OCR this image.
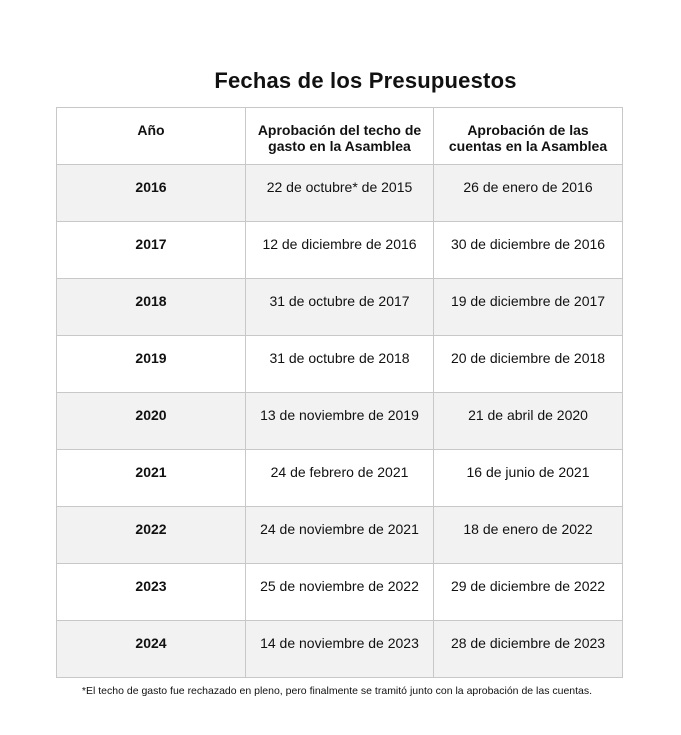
Fechas de los Presupuestos
Año	Aprobación del techo de gasto en la Asamblea	Aprobación de las cuentas en la Asamblea

2016	22 de octubre* de 2015	26 de enero de 2016
2017	12 de diciembre de 2016	30 de diciembre de 2016
2018	31 de octubre de 2017	19 de diciembre de 2017
2019	31 de octubre de 2018	20 de diciembre de 2018
2020	13 de noviembre de 2019	21 de abril de 2020
2021	24 de febrero de 2021	16 de junio de 2021
2022	24 de noviembre de 2021	18 de enero de 2022
2023	25 de noviembre de 2022	29 de diciembre de 2022
2024	14 de noviembre de 2023	28 de diciembre de 2023
*El techo de gasto fue rechazado en pleno, pero finalmente se tramitó junto con la aprobación de las cuentas.
